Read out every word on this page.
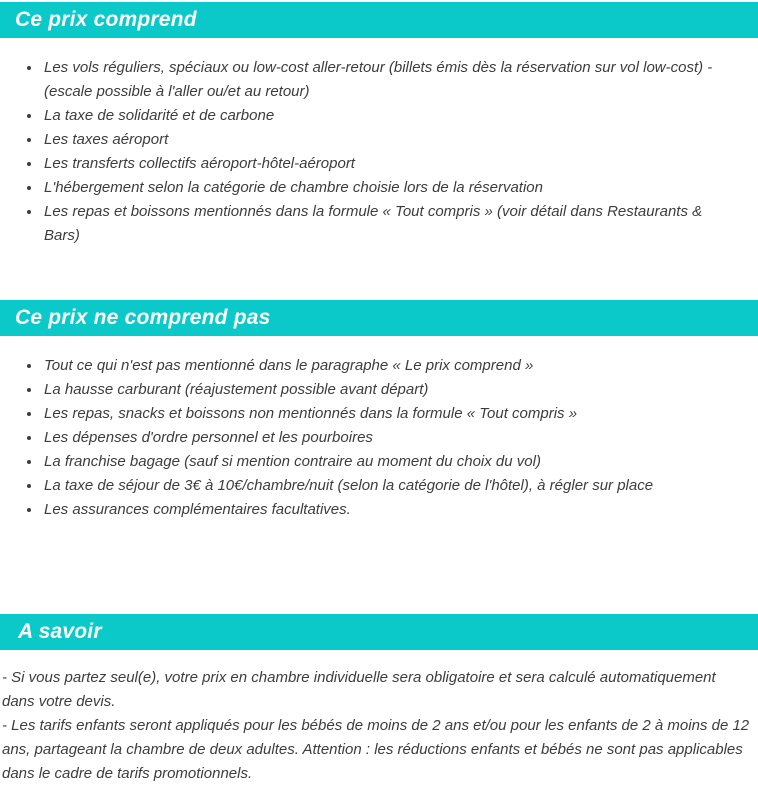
Ce prix comprend
• Les vols réguliers, spéciaux ou low-cost aller-retour (billets émis dès la réservation sur vol low-cost) - (escale possible à l'aller ou/et au retour)
• La taxe de solidarité et de carbone
• Les taxes aéroport
• Les transferts collectifs aéroport-hôtel-aéroport
• L'hébergement selon la catégorie de chambre choisie lors de la réservation
• Les repas et boissons mentionnés dans la formule « Tout compris » (voir détail dans Restaurants & Bars)
Ce prix ne comprend pas
• Tout ce qui n'est pas mentionné dans le paragraphe « Le prix comprend »
• La hausse carburant (réajustement possible avant départ)
• Les repas, snacks et boissons non mentionnés dans la formule « Tout compris »
• Les dépenses d'ordre personnel et les pourboires
• La franchise bagage (sauf si mention contraire au moment du choix du vol)
• La taxe de séjour de 3€ à 10€/chambre/nuit (selon la catégorie de l'hôtel), à régler sur place
• Les assurances complémentaires facultatives.
A savoir

- Si vous partez seul(e), votre prix en chambre individuelle sera obligatoire et sera calculé automatiquement dans votre devis.

- Les tarifs enfants seront appliqués pour les bébés de moins de 2 ans et/ou pour les enfants de 2 à moins de 12 ans, partageant la chambre de deux adultes. Attention : les réductions enfants et bébés ne sont pas applicables dans le cadre de tarifs promotionnels.
